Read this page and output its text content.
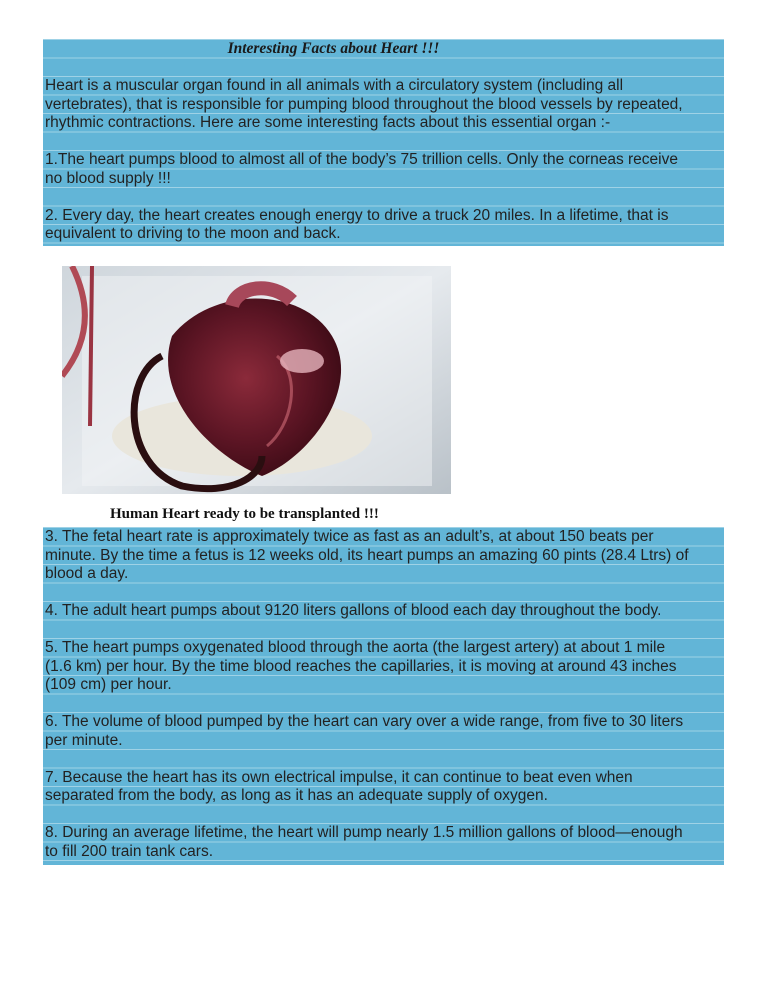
Interesting Facts about Heart !!!
Heart is a muscular organ found in all animals with a circulatory system (including all
vertebrates), that is responsible for pumping blood throughout the blood vessels by repeated,
rhythmic contractions. Here are some interesting facts about this essential organ :-
1.The heart pumps blood to almost all of the body’s 75 trillion cells. Only the corneas receive
no blood supply !!!
2. Every day, the heart creates enough energy to drive a truck 20 miles. In a lifetime, that is
equivalent to driving to the moon and back.
Human Heart ready to be transplanted !!!
3. The fetal heart rate is approximately twice as fast as an adult’s, at about 150 beats per
minute. By the time a fetus is 12 weeks old, its heart pumps an amazing 60 pints (28.4 Ltrs) of
blood a day.
4. The adult heart pumps about 9120 liters gallons of blood each day throughout the body.
5. The heart pumps oxygenated blood through the aorta (the largest artery) at about 1 mile
(1.6 km) per hour. By the time blood reaches the capillaries, it is moving at around 43 inches
(109 cm) per hour.
6. The volume of blood pumped by the heart can vary over a wide range, from five to 30 liters
per minute.
7. Because the heart has its own electrical impulse, it can continue to beat even when
separated from the body, as long as it has an adequate supply of oxygen.
8. During an average lifetime, the heart will pump nearly 1.5 million gallons of blood—enough
to fill 200 train tank cars.
